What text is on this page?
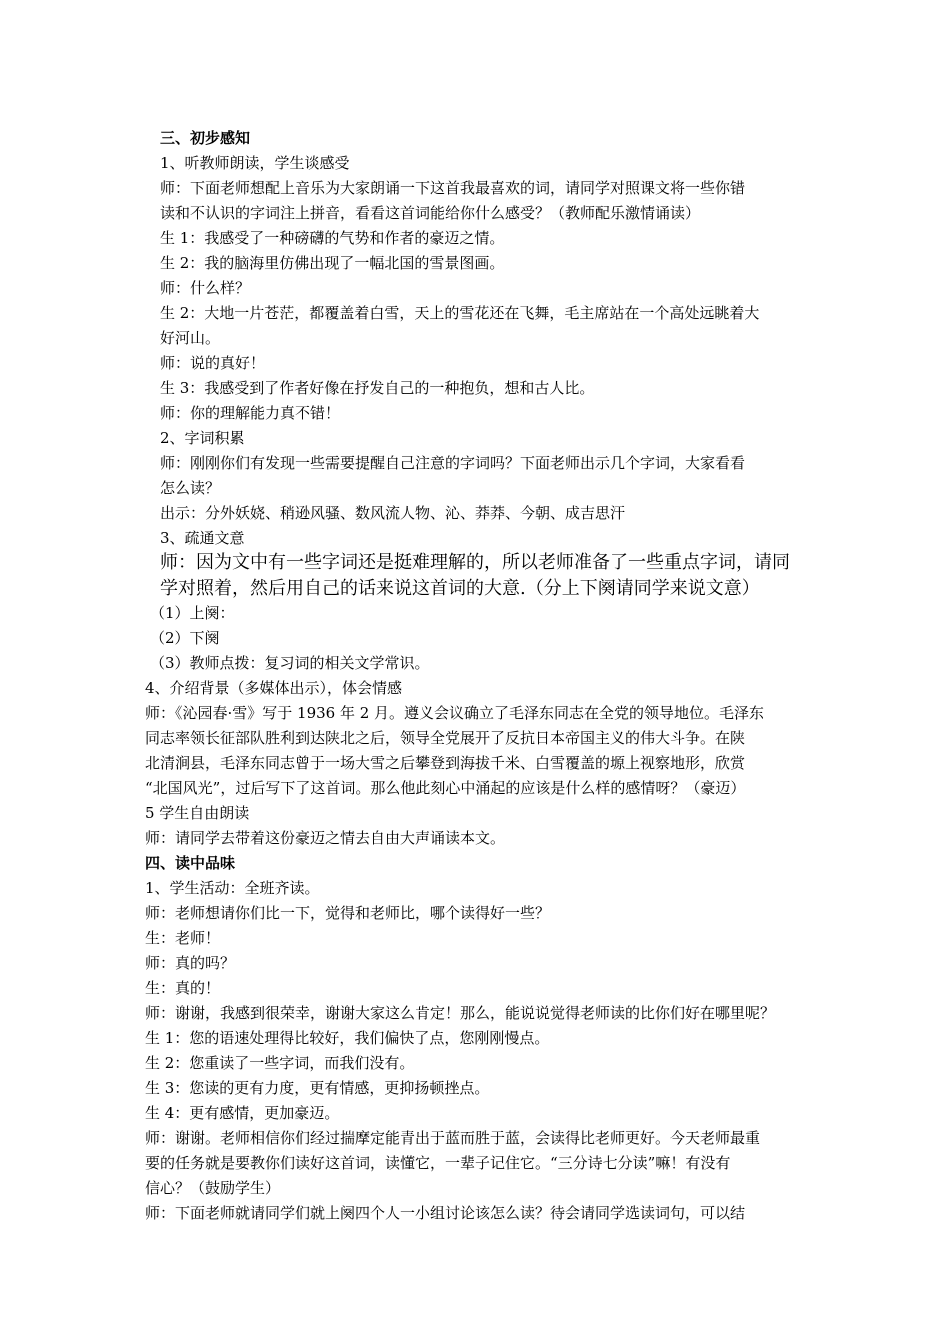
三、初步感知
1、听教师朗读，学生谈感受
师：下面老师想配上音乐为大家朗诵一下这首我最喜欢的词，请同学对照课文将一些你错
读和不认识的字词注上拼音，看看这首词能给你什么感受？（教师配乐激情诵读）
生 1：我感受了一种磅礴的气势和作者的豪迈之情。
生 2：我的脑海里仿佛出现了一幅北国的雪景图画。
师：什么样？
生 2：大地一片苍茫，都覆盖着白雪，天上的雪花还在飞舞，毛主席站在一个高处远眺着大
好河山。
师：说的真好！
生 3：我感受到了作者好像在抒发自己的一种抱负，想和古人比。
师：你的理解能力真不错！
2、字词积累
师：刚刚你们有发现一些需要提醒自己注意的字词吗？下面老师出示几个字词，大家看看
怎么读？
出示：分外妖娆、稍逊风骚、数风流人物、沁、莽莽、今朝、成吉思汗
3、疏通文意
师：因为文中有一些字词还是挺难理解的，所以老师准备了一些重点字词，请同
学对照着，然后用自己的话来说这首词的大意.（分上下阕请同学来说文意）
（1）上阕：
（2）下阕
（3）教师点拨：复习词的相关文学常识。
4、介绍背景（多媒体出示），体会情感
师：《沁园春·雪》写于 1936 年 2 月。遵义会议确立了毛泽东同志在全党的领导地位。毛泽东
同志率领长征部队胜利到达陕北之后，领导全党展开了反抗日本帝国主义的伟大斗争。在陕
北清涧县，毛泽东同志曾于一场大雪之后攀登到海拔千米、白雪覆盖的塬上视察地形，欣赏
“北国风光”，过后写下了这首词。那么他此刻心中涌起的应该是什么样的感情呀？（豪迈）
5 学生自由朗读
师：请同学去带着这份豪迈之情去自由大声诵读本文。
四、读中品味
1、学生活动：全班齐读。
师：老师想请你们比一下，觉得和老师比，哪个读得好一些？
生：老师！
师：真的吗？
生：真的！
师：谢谢，我感到很荣幸，谢谢大家这么肯定！那么，能说说觉得老师读的比你们好在哪里呢？
生 1：您的语速处理得比较好，我们偏快了点，您刚刚慢点。
生 2：您重读了一些字词，而我们没有。
生 3：您读的更有力度，更有情感，更抑扬顿挫点。
生 4：更有感情，更加豪迈。
师：谢谢。老师相信你们经过揣摩定能青出于蓝而胜于蓝，会读得比老师更好。今天老师最重
要的任务就是要教你们读好这首词，读懂它，一辈子记住它。“三分诗七分读”嘛！有没有
信心？（鼓励学生）
师：下面老师就请同学们就上阕四个人一小组讨论该怎么读？待会请同学选读词句，可以结
